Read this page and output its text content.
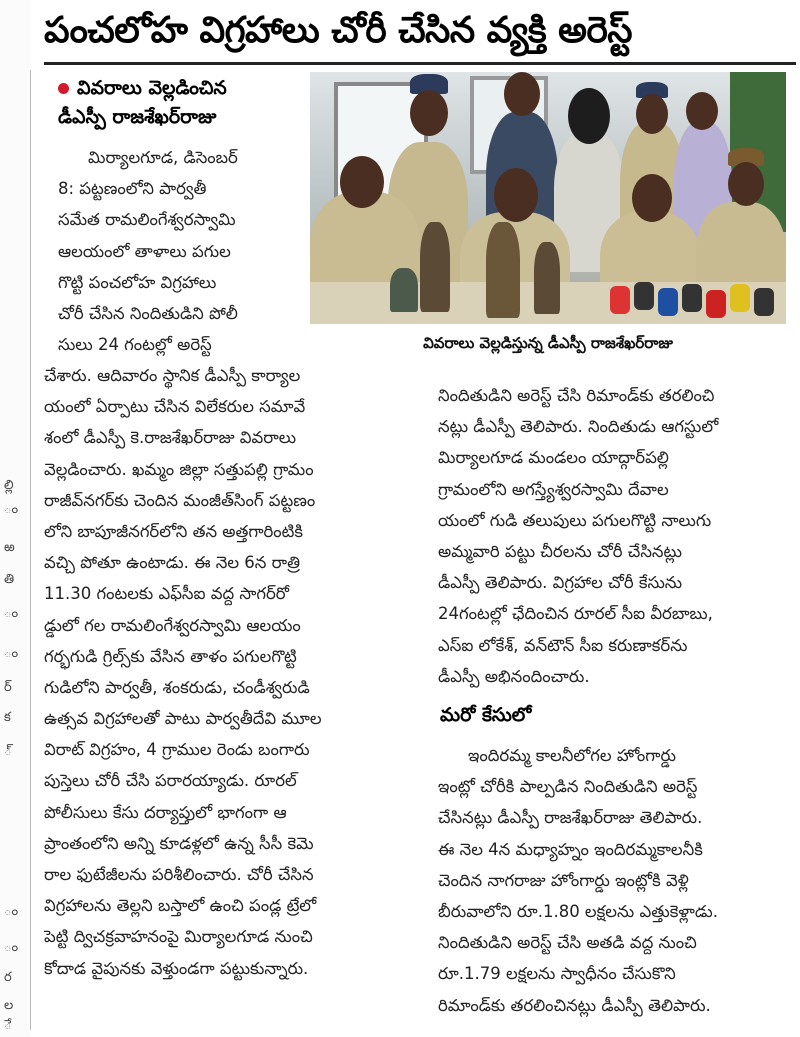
ల్లి
ం
ఱ
తి
ం
ం
ర్
క
్
ం
ం
ర
ల
ే
పంచలోహ విగ్రహాలు చోరీ చేసిన వ్యక్తి అరెస్ట్
వివరాలు వెల్లడించిన
డీఎస్పీ రాజశేఖర్‌రాజు
వివరాలు వెల్లడిస్తున్న డీఎస్పీ రాజశేఖర్‌రాజు
మిర్యాలగూడ, డిసెంబర్
8: పట్టణంలోని పార్వతీ
సమేత రామలింగేశ్వరస్వామి
ఆలయంలో తాళాలు పగుల
గొట్టి పంచలోహ విగ్రహాలు
చోరీ చేసిన నిందితుడిని పోలీ
సులు 24 గంటల్లో అరెస్ట్
చేశారు. ఆదివారం స్థానిక డీఎస్పీ కార్యాల
యంలో ఏర్పాటు చేసిన విలేకరుల సమావే
శంలో డీఎస్పీ కె.రాజశేఖర్‌రాజు వివరాలు
వెల్లడించారు. ఖమ్మం జిల్లా సత్తుపల్లి గ్రామం
రాజీవ్‌నగర్‌కు చెందిన మంజీత్‌సింగ్ పట్టణం
లోని బాపూజీనగర్‌లోని తన అత్తగారింటికి
వచ్చి పోతూ ఉంటాడు. ఈ నెల 6న రాత్రి
11.30 గంటలకు ఎఫ్‌సీఐ వద్ద సాగర్‌రో
డ్డులో గల రామలింగేశ్వరస్వామి ఆలయం
గర్భగుడి గ్రిల్స్‌కు వేసిన తాళం పగులగొట్టి
గుడిలోని పార్వతీ, శంకరుడు, చండీశ్వరుడి
ఉత్సవ విగ్రహాలతో పాటు పార్వతీదేవి మూల
విరాట్ విగ్రహం, 4 గ్రాముల రెండు బంగారు
పుస్తెలు చోరీ చేసి పరారయ్యాడు. రూరల్
పోలీసులు కేసు దర్యాప్తులో భాగంగా ఆ
ప్రాంతంలోని అన్ని కూడళ్లలో ఉన్న సీసీ కెమె
రాల ఫుటేజీలను పరిశీలించారు. చోరీ చేసిన
విగ్రహాలను తెల్లని బస్తాలో ఉంచి పండ్ల ట్రేలో
పెట్టి ద్విచక్రవాహనంపై మిర్యాలగూడ నుంచి
కోదాడ వైపునకు వెళ్తుండగా పట్టుకున్నారు.
నిందితుడిని అరెస్ట్ చేసి రిమాండ్‌కు తరలించి
నట్లు డీఎస్పీ తెలిపారు. నిందితుడు ఆగస్టులో
మిర్యాలగూడ మండలం యాద్గార్‌పల్లి
గ్రామంలోని అగస్త్యేశ్వరస్వామి దేవాల
యంలో గుడి తలుపులు పగులగొట్టి నాలుగు
అమ్మవారి పట్టు చీరలను చోరీ చేసినట్లు
డీఎస్పీ తెలిపారు. విగ్రహాల చోరీ కేసును
24గంటల్లో ఛేదించిన రూరల్ సీఐ వీరబాబు,
ఎస్ఐ లోకేశ్, వన్‌టౌన్ సీఐ కరుణాకర్‌ను
డీఎస్పీ అభినందించారు.
మరో కేసులో
ఇందిరమ్మ కాలనీలోగల హోంగార్డు
ఇంట్లో చోరీకి పాల్పడిన నిందితుడిని అరెస్ట్
చేసినట్లు డీఎస్పీ రాజశేఖర్‌రాజు తెలిపారు.
ఈ నెల 4న మధ్యాహ్నం ఇందిరమ్మకాలనీకి
చెందిన నాగరాజు హోంగార్డు ఇంట్లోకి వెళ్లి
బీరువాలోని రూ.1.80 లక్షలను ఎత్తుకెళ్లాడు.
నిందితుడిని అరెస్ట్ చేసి అతడి వద్ద నుంచి
రూ.1.79 లక్షలను స్వాధీనం చేసుకొని
రిమాండ్‌కు తరలించినట్లు డీఎస్పీ తెలిపారు.
